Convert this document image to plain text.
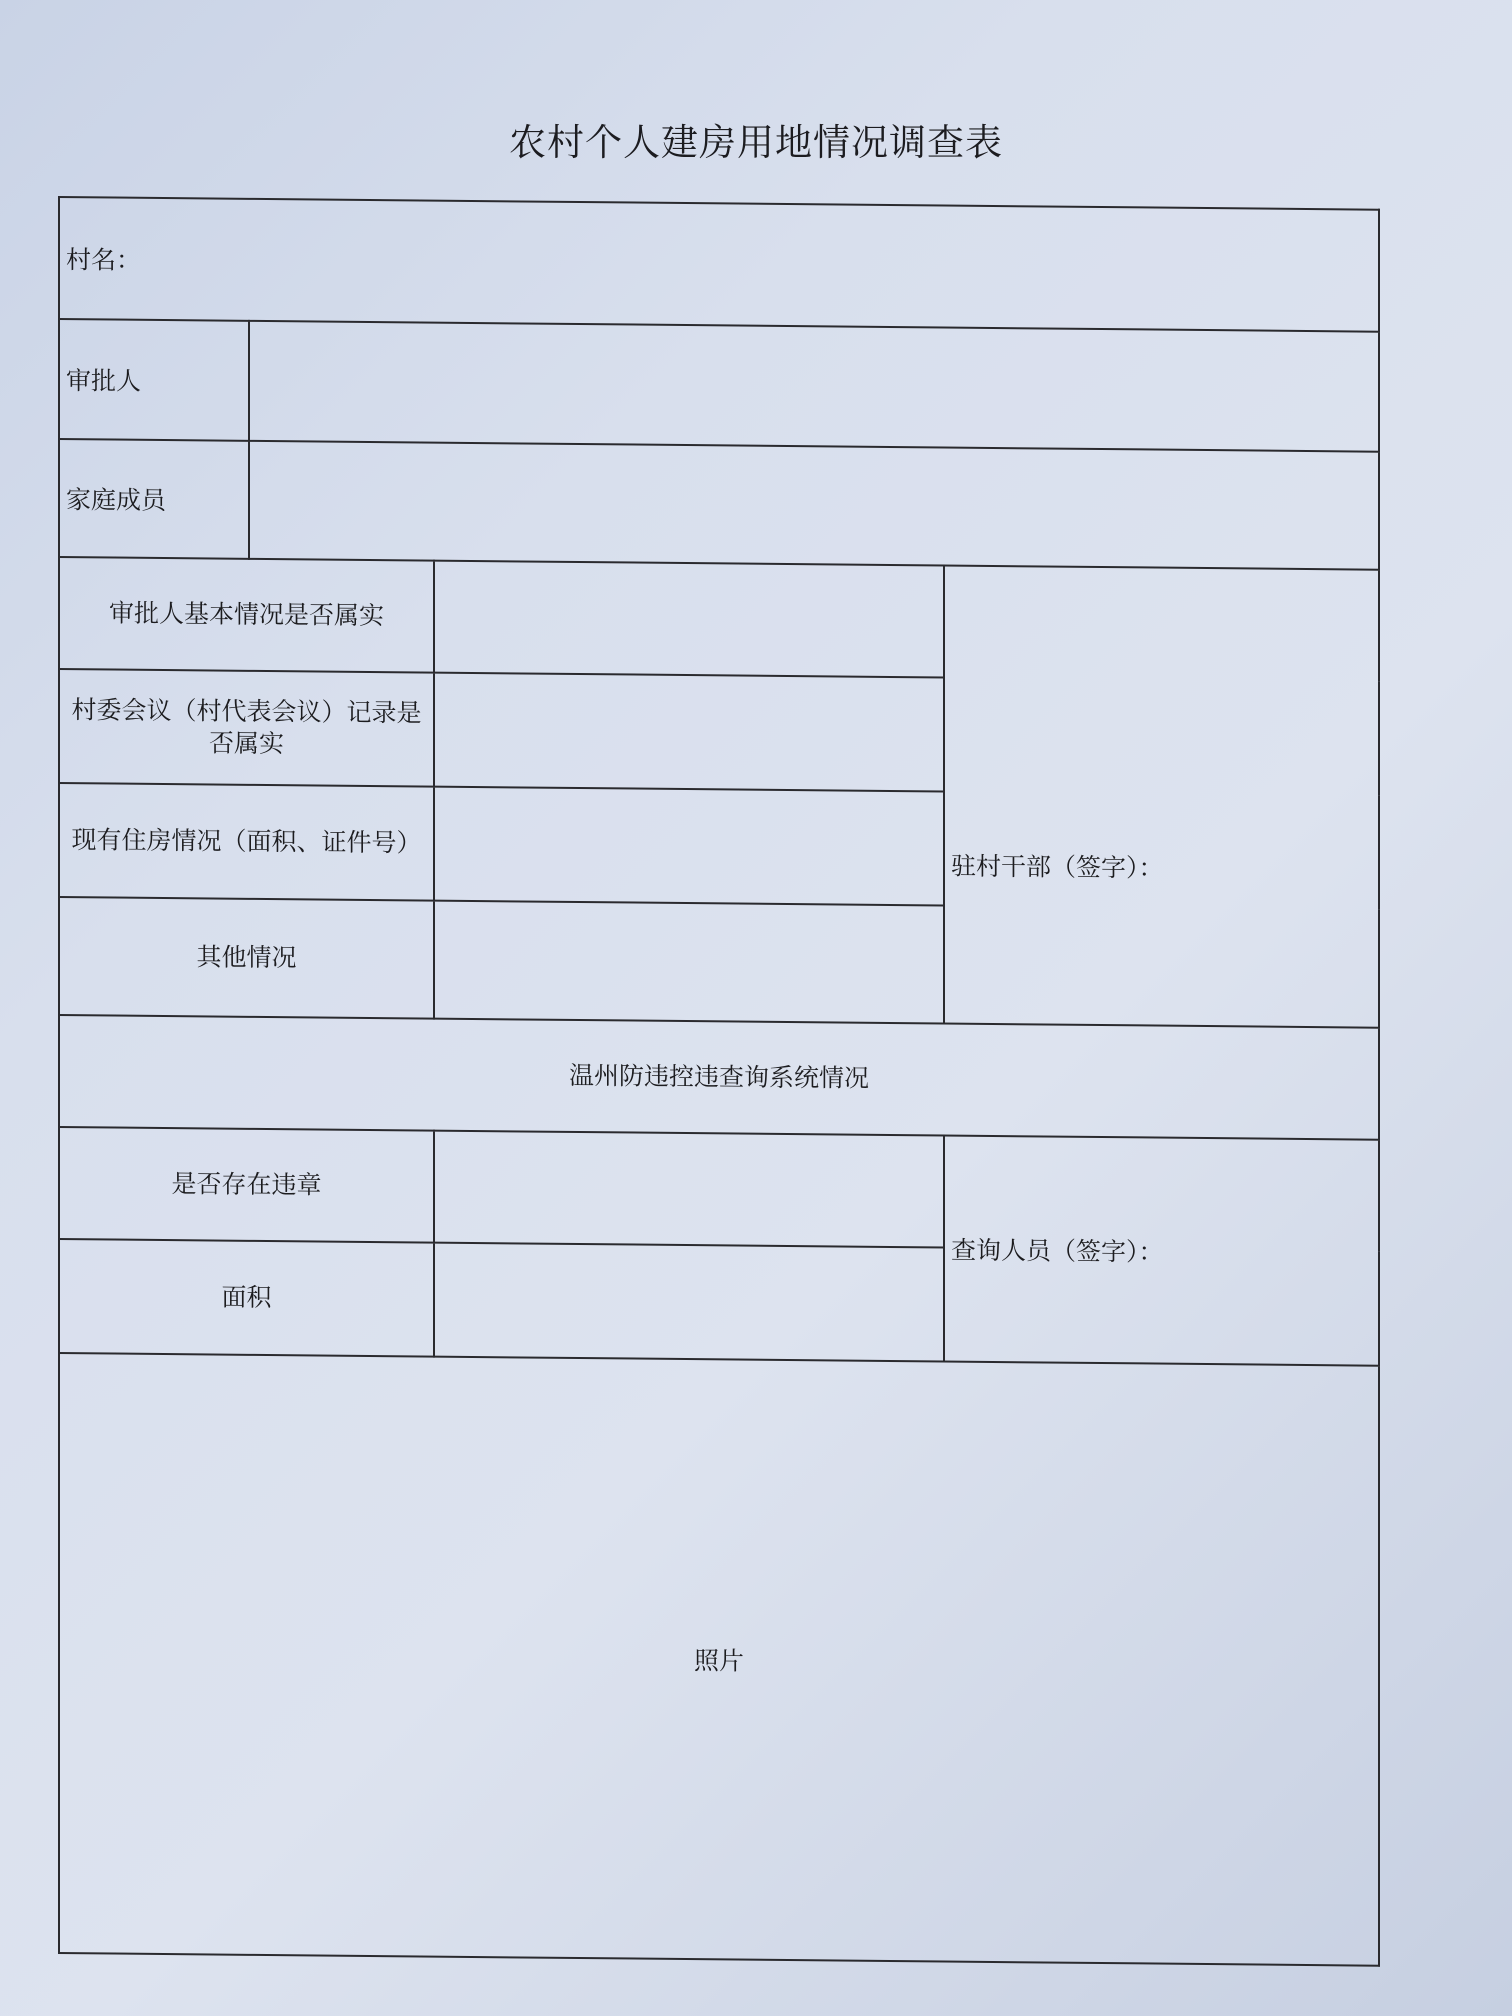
农村个人建房用地情况调查表
村名：			
审批人			
家庭成员			
审批人基本情况是否属实			驻村干部（签字）：
村委会议（村代表会议）记录是否属实			
现有住房情况（面积、证件号）			
其他情况			
温州防违控违查询系统情况			
是否存在违章			查询人员（签字）：
面积			
照片			
